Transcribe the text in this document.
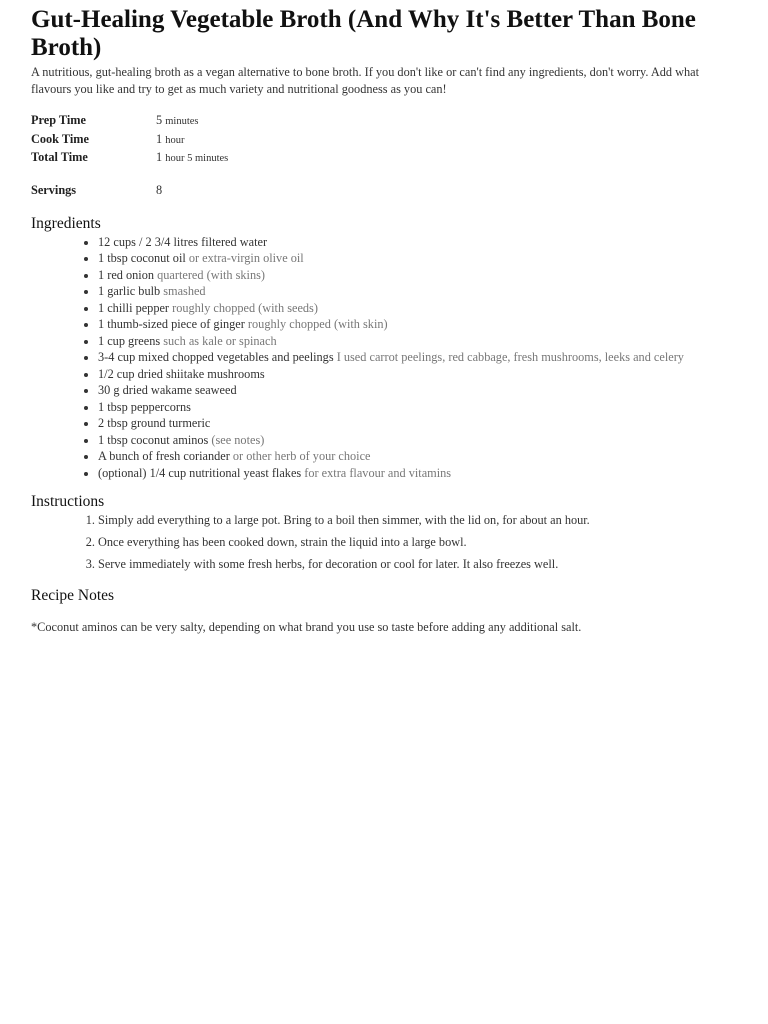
Gut-Healing Vegetable Broth (And Why It's Better Than Bone Broth)

A nutritious, gut-healing broth as a vegan alternative to bone broth. If you don't like or can't find any ingredients, don't worry. Add what flavours you like and try to get as much variety and nutritional goodness as you can!

Prep Time	5 minutes
Cook Time	1 hour
Total Time	1 hour 5 minutes
Servings	8
Ingredients
• 12 cups / 2 3/4 litres filtered water
• 1 tbsp coconut oil or extra-virgin olive oil
• 1 red onion quartered (with skins)
• 1 garlic bulb smashed
• 1 chilli pepper roughly chopped (with seeds)
• 1 thumb-sized piece of ginger roughly chopped (with skin)
• 1 cup greens such as kale or spinach
• 3-4 cup mixed chopped vegetables and peelings I used carrot peelings, red cabbage, fresh mushrooms, leeks and celery
• 1/2 cup dried shiitake mushrooms
• 30 g dried wakame seaweed
• 1 tbsp peppercorns
• 2 tbsp ground turmeric
• 1 tbsp coconut aminos (see notes)
• A bunch of fresh coriander or other herb of your choice
• (optional) 1/4 cup nutritional yeast flakes for extra flavour and vitamins
Instructions
1. Simply add everything to a large pot. Bring to a boil then simmer, with the lid on, for about an hour.
2. Once everything has been cooked down, strain the liquid into a large bowl.
3. Serve immediately with some fresh herbs, for decoration or cool for later. It also freezes well.
Recipe Notes

*Coconut aminos can be very salty, depending on what brand you use so taste before adding any additional salt.
